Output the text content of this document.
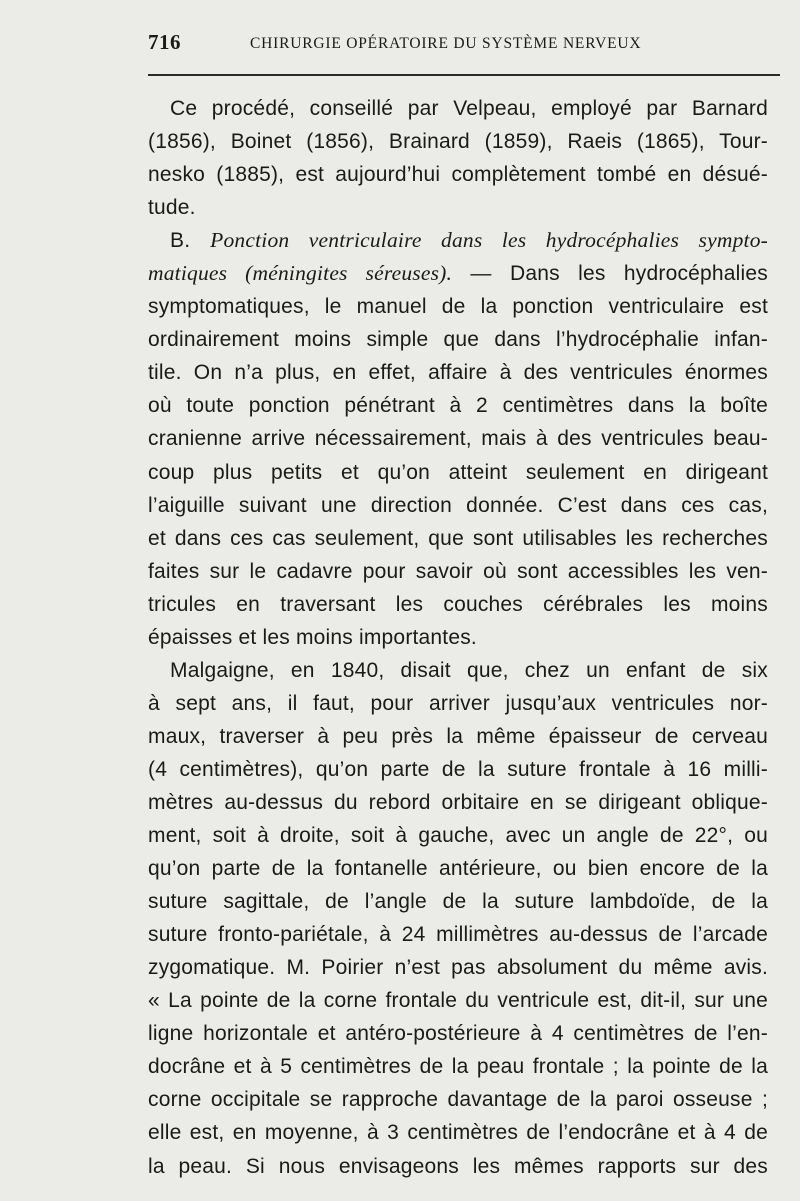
716	CHIRURGIE OPÉRATOIRE DU SYSTÈME NERVEUX
Ce procédé, conseillé par Velpeau, employé par Barnard
(1856), Boinet (1856), Brainard (1859), Raeis (1865), Tour-
nesko (1885), est aujourd’hui complètement tombé en désué-
tude.
B. Ponction ventriculaire dans les hydrocéphalies sympto-
matiques (méningites séreuses). — Dans les hydrocéphalies
symptomatiques, le manuel de la ponction ventriculaire est
ordinairement moins simple que dans l’hydrocéphalie infan-
tile. On n’a plus, en effet, affaire à des ventricules énormes
où toute ponction pénétrant à 2 centimètres dans la boîte
cranienne arrive nécessairement, mais à des ventricules beau-
coup plus petits et qu’on atteint seulement en dirigeant
l’aiguille suivant une direction donnée. C’est dans ces cas,
et dans ces cas seulement, que sont utilisables les recherches
faites sur le cadavre pour savoir où sont accessibles les ven-
tricules en traversant les couches cérébrales les moins
épaisses et les moins importantes.
Malgaigne, en 1840, disait que, chez un enfant de six
à sept ans, il faut, pour arriver jusqu’aux ventricules nor-
maux, traverser à peu près la même épaisseur de cerveau
(4 centimètres), qu’on parte de la suture frontale à 16 milli-
mètres au-dessus du rebord orbitaire en se dirigeant oblique-
ment, soit à droite, soit à gauche, avec un angle de 22°, ou
qu’on parte de la fontanelle antérieure, ou bien encore de la
suture sagittale, de l’angle de la suture lambdoïde, de la
suture fronto-pariétale, à 24 millimètres au-dessus de l’arcade
zygomatique. M. Poirier n’est pas absolument du même avis.
« La pointe de la corne frontale du ventricule est, dit-il, sur une
ligne horizontale et antéro-postérieure à 4 centimètres de l’en-
docrâne et à 5 centimètres de la peau frontale ; la pointe de la
corne occipitale se rapproche davantage de la paroi osseuse ;
elle est, en moyenne, à 3 centimètres de l’endocrâne et à 4 de
la peau. Si nous envisageons les mêmes rapports sur des
